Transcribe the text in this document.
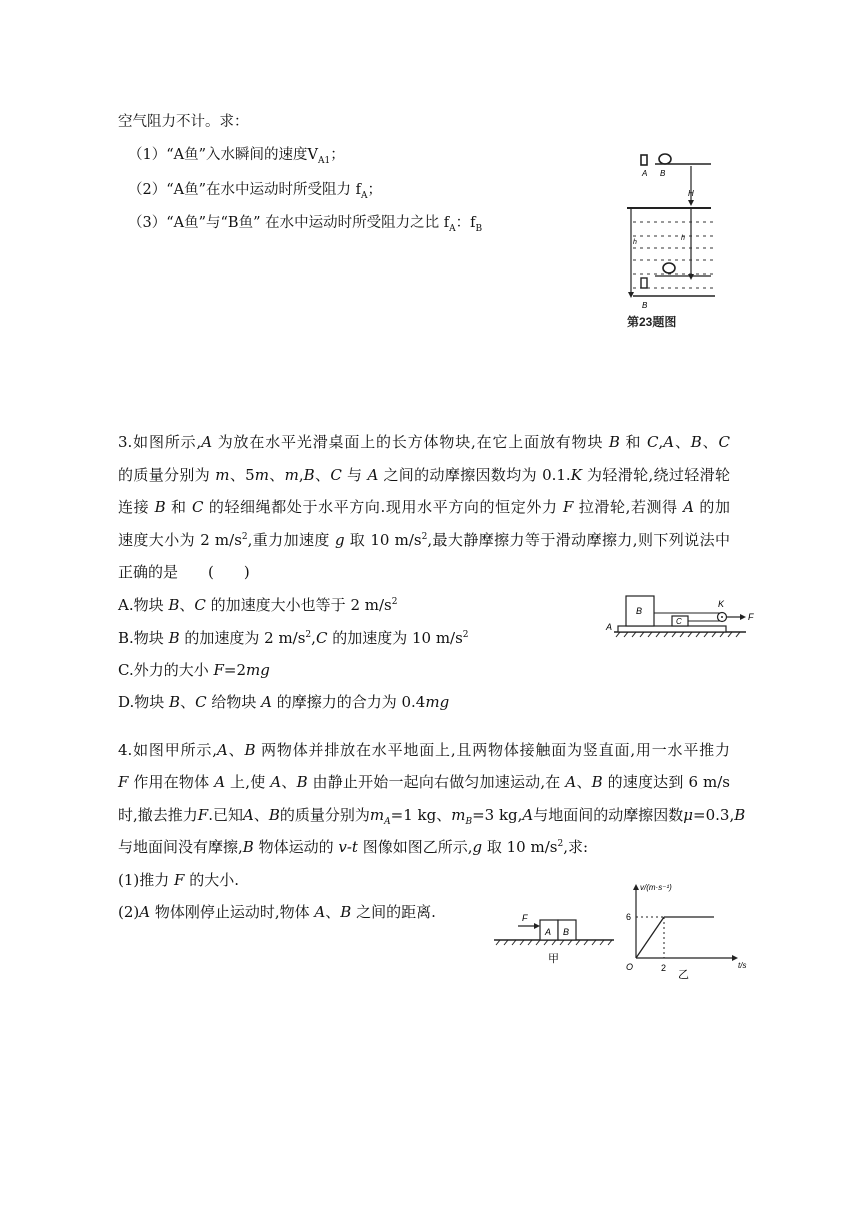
空气阻力不计。求：
（1）“A鱼”入水瞬间的速度$V_{A1}$；
（2）“A鱼”在水中运动时所受阻力 $f_A$；
（3）“A鱼”与“B鱼” 在水中运动时所受阻力之比 $f_A$：$f_B$
A B
H
h
h
B
第23题图
3.如图所示,A 为放在水平光滑桌面上的长方体物块,在它上面放有物块 B 和 C,A、B、C
的质量分别为 m、5m、m,B、C 与 A 之间的动摩擦因数均为 0.1.K 为轻滑轮,绕过轻滑轮
连接 B 和 C 的轻细绳都处于水平方向.现用水平方向的恒定外力 F 拉滑轮,若测得 A 的加
速度大小为 2 $m/s^2$,重力加速度 g 取 10 $m/s^2$,最大静摩擦力等于滑动摩擦力,则下列说法中
正确的是　　(　　)
A.物块 B、C 的加速度大小也等于 2 $m/s^2$
B.物块 B 的加速度为 2 $m/s^2,C$ 的加速度为 10 $m/s^2$
C.外力的大小 F=2mg
D.物块 B、C 给物块 A 的摩擦力的合力为 0.4mg
A
B
C
K
F
4.如图甲所示,A、B 两物体并排放在水平地面上,且两物体接触面为竖直面,用一水平推力
F 作用在物体 A 上,使 A、B 由静止开始一起向右做匀加速运动,在 A、B 的速度达到 6 m/s
时,撤去推力F.已知A、B的质量分别为$m_A=1$ kg、$m_B=3$ kg,A与地面间的动摩擦因数μ=0.3,B
与地面间没有摩擦,B 物体运动的 v-t 图像如图乙所示,g 取 10 $m/s^2$,求:
(1)推力 F 的大小.
(2)A 物体刚停止运动时,物体 A、B 之间的距离.
A B
F
甲
v/(m·s⁻¹)
t/s
O
6
2
乙
